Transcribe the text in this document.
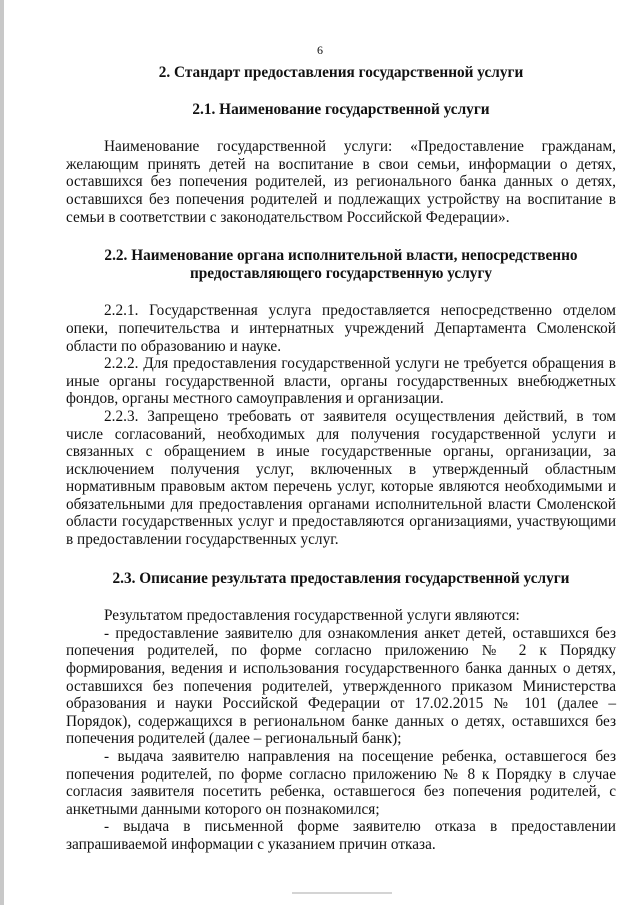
6
2. Стандарт предоставления государственной услуги
2.1. Наименование государственной услуги

Наименование государственной услуги: «Предоставление гражданам, желающим принять детей на воспитание в свои семьи, информации о детях, оставшихся без попечения родителей, из регионального банка данных о детях, оставшихся без попечения родителей и подлежащих устройству на воспитание в семьи в соответствии с законодательством Российской Федерации».

2.2. Наименование органа исполнительной власти, непосредственно предоставляющего государственную услугу

2.2.1. Государственная услуга предоставляется непосредственно отделом опеки, попечительства и интернатных учреждений Департамента Смоленской области по образованию и науке.

2.2.2. Для предоставления государственной услуги не требуется обращения в иные органы государственной власти, органы государственных внебюджетных фондов, органы местного самоуправления и организации.

2.2.3. Запрещено требовать от заявителя осуществления действий, в том числе согласований, необходимых для получения государственной услуги и связанных с обращением в иные государственные органы, организации, за исключением получения услуг, включенных в утвержденный областным нормативным правовым актом перечень услуг, которые являются необходимыми и обязательными для предоставления органами исполнительной власти Смоленской области государственных услуг и предоставляются организациями, участвующими в предоставлении государственных услуг.

2.3. Описание результата предоставления государственной услуги

Результатом предоставления государственной услуги являются:

- предоставление заявителю для ознакомления анкет детей, оставшихся без попечения родителей, по форме согласно приложению № 2 к Порядку формирования, ведения и использования государственного банка данных о детях, оставшихся без попечения родителей, утвержденного приказом Министерства образования и науки Российской Федерации от 17.02.2015 № 101 (далее – Порядок), содержащихся в региональном банке данных о детях, оставшихся без попечения родителей (далее – региональный банк);

- выдача заявителю направления на посещение ребенка, оставшегося без попечения родителей, по форме согласно приложению № 8 к Порядку в случае согласия заявителя посетить ребенка, оставшегося без попечения родителей, с анкетными данными которого он познакомился;

- выдача в письменной форме заявителю отказа в предоставлении запрашиваемой информации с указанием причин отказа.
